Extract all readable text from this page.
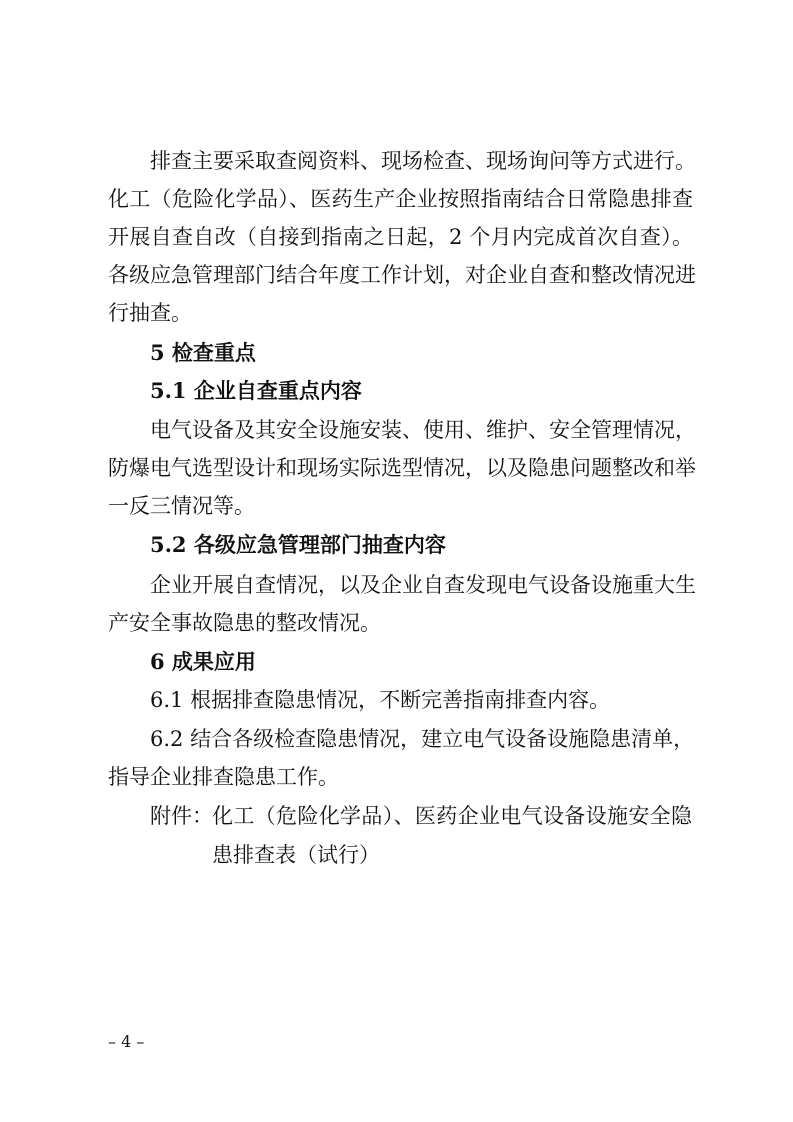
排查主要采取查阅资料、现场检查、现场询问等方式进行。
化工（危险化学品）、医药生产企业按照指南结合日常隐患排查
开展自查自改（自接到指南之日起，2 个月内完成首次自查）。
各级应急管理部门结合年度工作计划，对企业自查和整改情况进
行抽查。
5 检查重点
5.1 企业自查重点内容
电气设备及其安全设施安装、使用、维护、安全管理情况，
防爆电气选型设计和现场实际选型情况，以及隐患问题整改和举
一反三情况等。
5.2 各级应急管理部门抽查内容
企业开展自查情况，以及企业自查发现电气设备设施重大生
产安全事故隐患的整改情况。
6 成果应用
6.1 根据排查隐患情况，不断完善指南排查内容。
6.2 结合各级检查隐患情况，建立电气设备设施隐患清单，
指导企业排查隐患工作。
附件： 化工（危险化学品）、医药企业电气设备设施安全隐
患排查表（试行）
– 4 –
